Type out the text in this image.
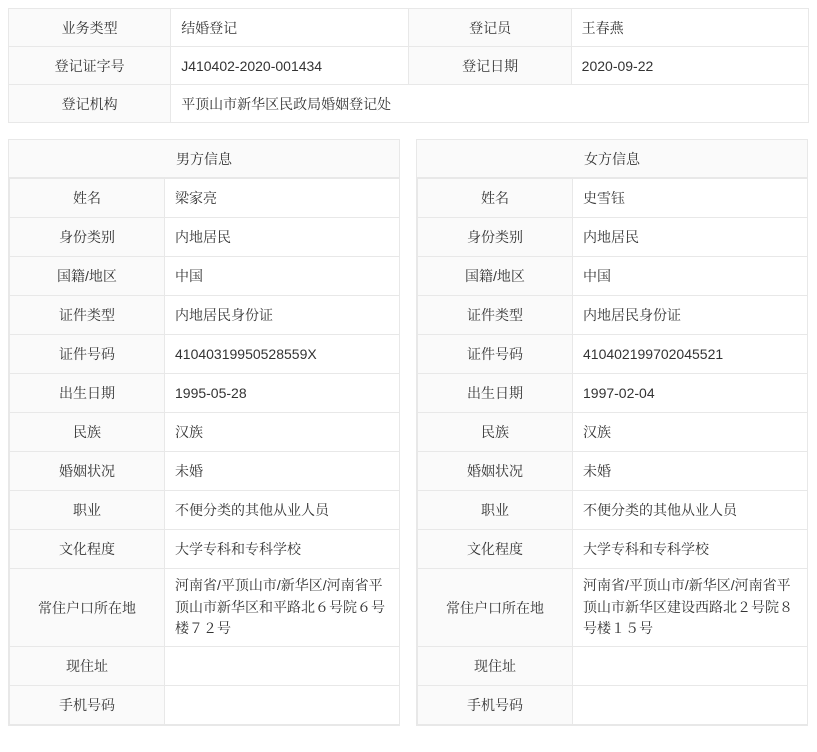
业务类型	结婚登记	登记员	王春燕
登记证字号	J410402-2020-001434	登记日期	2020-09-22
登记机构	平顶山市新华区民政局婚姻登记处		
男方信息
姓名	梁家亮
身份类别	内地居民
国籍/地区	中国
证件类型	内地居民身份证
证件号码	41040319950528559X
出生日期	1995-05-28
民族	汉族
婚姻状况	未婚
职业	不便分类的其他从业人员
文化程度	大学专科和专科学校
常住户口所在地	河南省/平顶山市/新华区/河南省平顶山市新华区和平路北６号院６号楼７２号
现住址	
手机号码	
女方信息
姓名	史雪钰
身份类别	内地居民
国籍/地区	中国
证件类型	内地居民身份证
证件号码	410402199702045521
出生日期	1997-02-04
民族	汉族
婚姻状况	未婚
职业	不便分类的其他从业人员
文化程度	大学专科和专科学校
常住户口所在地	河南省/平顶山市/新华区/河南省平顶山市新华区建设西路北２号院８号楼１５号
现住址	
手机号码	
